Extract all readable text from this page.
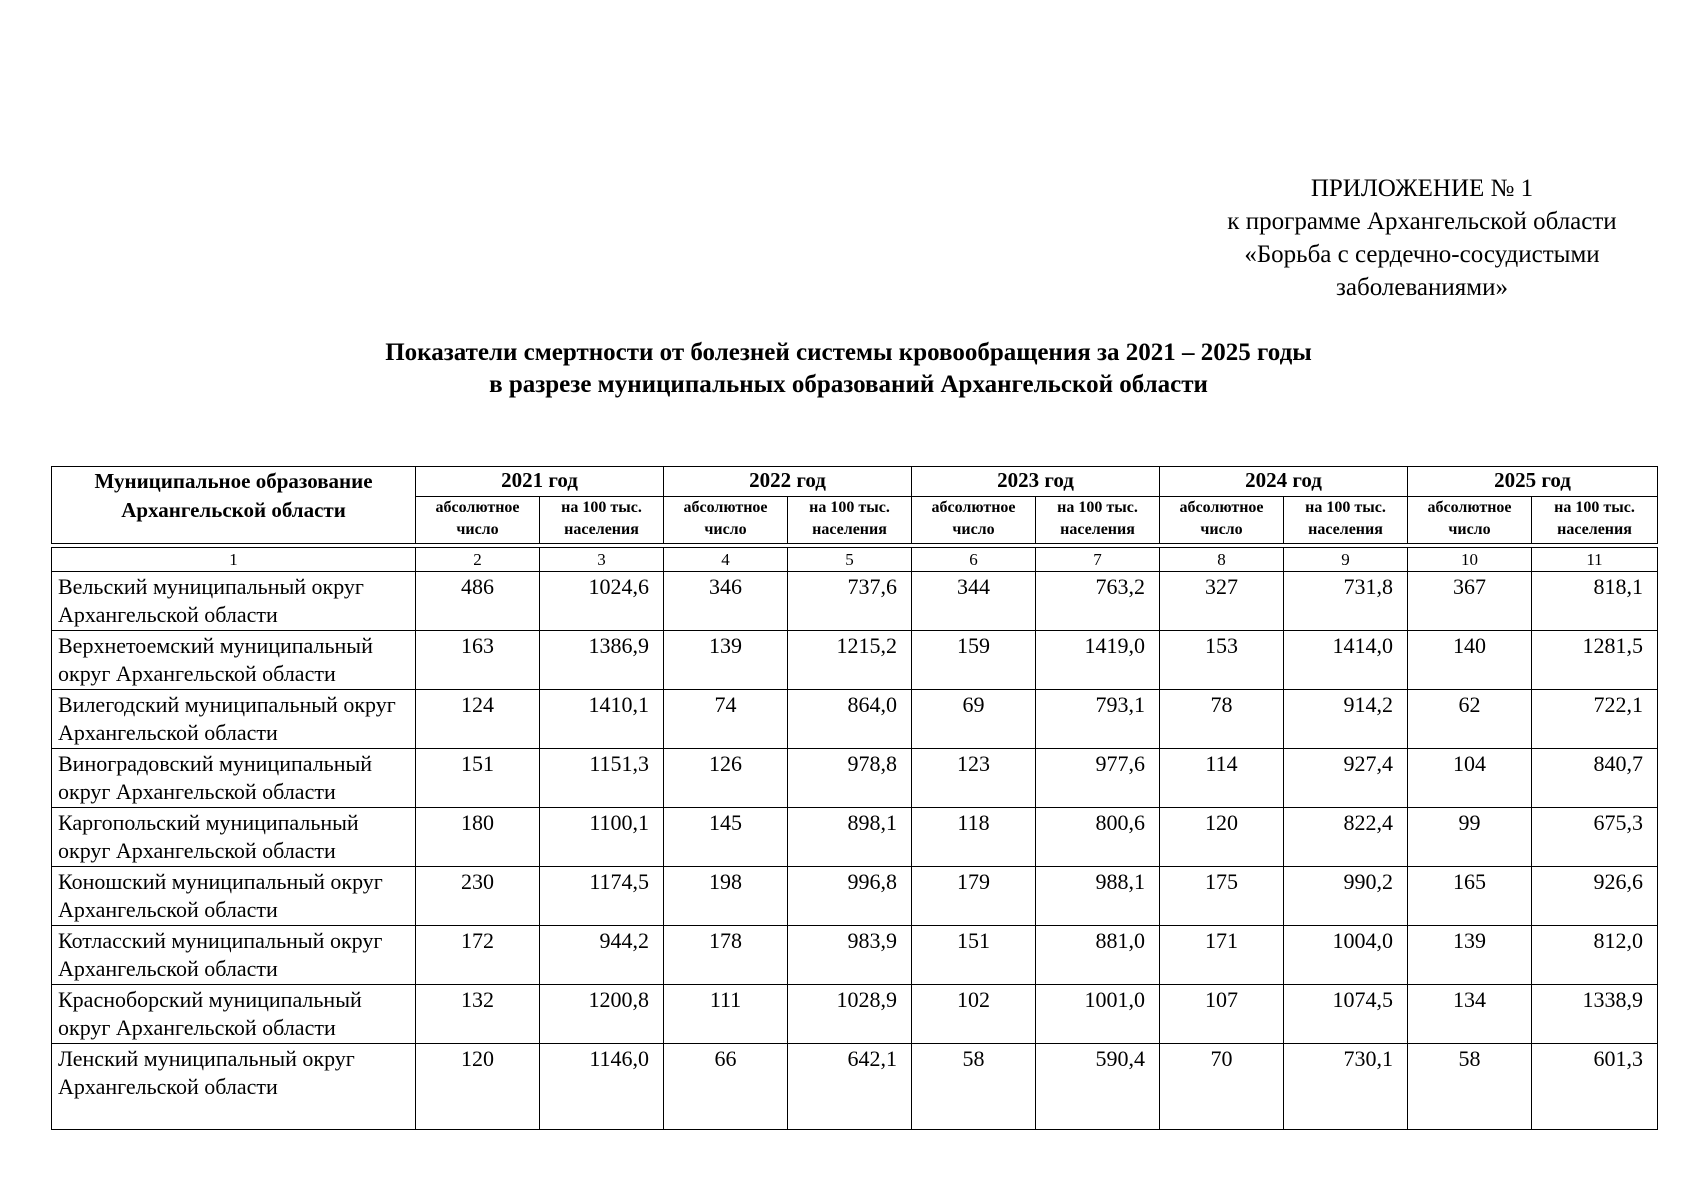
ПРИЛОЖЕНИЕ № 1
к программе Архангельской области
«Борьба с сердечно-сосудистыми
заболеваниями»
Показатели смертности от болезней системы кровообращения за 2021 – 2025 годы
в разрезе муниципальных образований Архангельской области
Муниципальное образование Архангельской области	2021 год		2022 год		2023 год		2024 год		2025 год	
	абсолютное число	на 100 тыс. населения	абсолютное число	на 100 тыс. населения	абсолютное число	на 100 тыс. населения	абсолютное число	на 100 тыс. населения	абсолютное число	на 100 тыс. населения

1	2	3	4	5	6	7	8	9	10	11
Вельский муниципальный округ Архангельской области	486	1024,6	346	737,6	344	763,2	327	731,8	367	818,1
Верхнетоемский муниципальный округ Архангельской области	163	1386,9	139	1215,2	159	1419,0	153	1414,0	140	1281,5
Вилегодский муниципальный округ Архангельской области	124	1410,1	74	864,0	69	793,1	78	914,2	62	722,1
Виноградовский муниципальный округ Архангельской области	151	1151,3	126	978,8	123	977,6	114	927,4	104	840,7
Каргопольский муниципальный округ Архангельской области	180	1100,1	145	898,1	118	800,6	120	822,4	99	675,3
Коношский муниципальный округ Архангельской области	230	1174,5	198	996,8	179	988,1	175	990,2	165	926,6
Котласский муниципальный округ Архангельской области	172	944,2	178	983,9	151	881,0	171	1004,0	139	812,0
Красноборский муниципальный округ Архангельской области	132	1200,8	111	1028,9	102	1001,0	107	1074,5	134	1338,9
Ленский муниципальный округ Архангельской области	120	1146,0	66	642,1	58	590,4	70	730,1	58	601,3
